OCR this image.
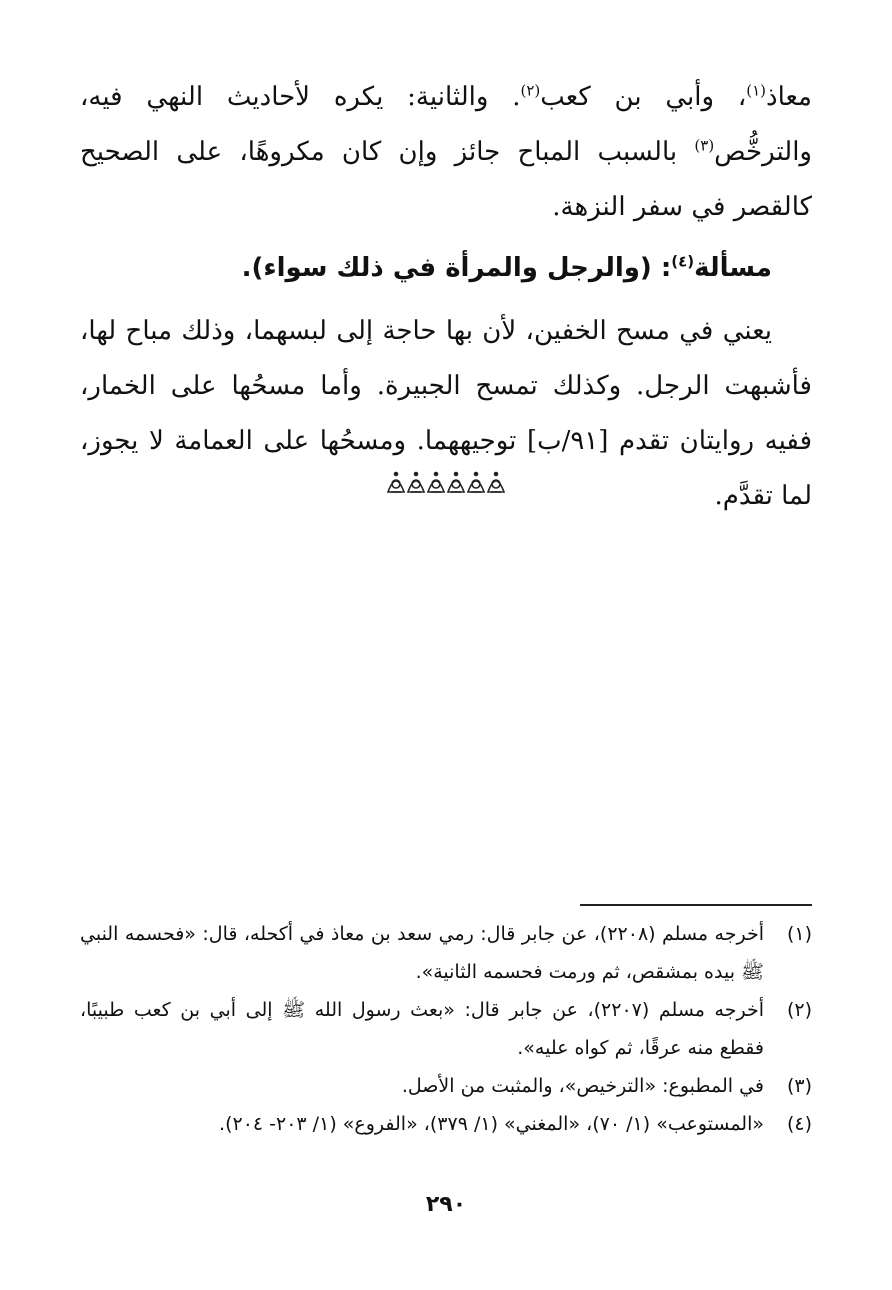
معاذ$^{(١)}$، وأبي بن كعب$^{(٢)}$. والثانية: يكره لأحاديث النهي فيه، والترخُّص$^{(٣)}$ بالسبب المباح جائز وإن كان مكروهًا، على الصحيح كالقصر في سفر النزهة.

مسألة$^{(٤)}$: (والرجل والمرأة في ذلك سواء).

يعني في مسح الخفين، لأن بها حاجة إلى لبسهما، وذلك مباح لها، فأشبهت الرجل. وكذلك تمسح الجبيرة. وأما مسحُها على الخمار، ففيه روايتان تقدم [٩١/ب] توجيههما. ومسحُها على العمامة لا يجوز، لما تقدَّم.

(١)
أخرجه مسلم (٢٢٠٨)، عن جابر قال: رمي سعد بن معاذ في أكحله، قال: «فحسمه النبي ﷺ بيده بمشقص، ثم ورمت فحسمه الثانية».
(٢)
أخرجه مسلم (٢٢٠٧)، عن جابر قال: «بعث رسول الله ﷺ إلى أبي بن كعب طبيبًا، فقطع منه عرقًا، ثم كواه عليه».
(٣)
في المطبوع: «الترخيص»، والمثبت من الأصل.
(٤)
«المستوعب» (١/ ٧٠)، «المغني» (١/ ٣٧٩)، «الفروع» (١/ ٢٠٣- ٢٠٤).
٢٩٠
